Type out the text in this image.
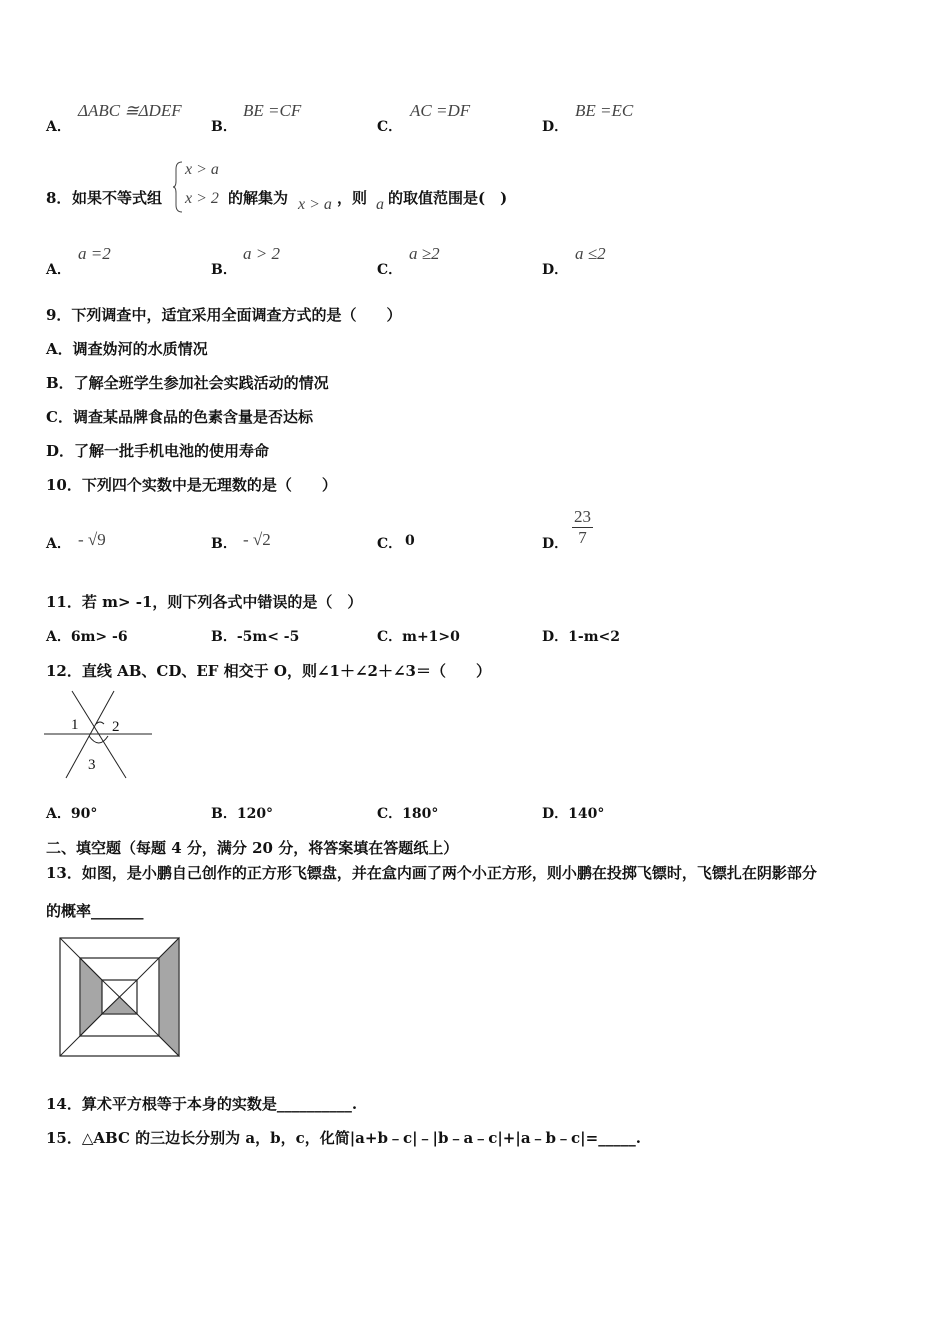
A．
ΔABC ≅ΔDEF
B．
BE =CF
C．
AC =DF
D．
BE =EC
8． 如果不等式组
x > a
x > 2 的解集为 x > a ，则 a 的取值范围是(　)
A．
a =2
B．
a > 2
C．
a ≥2
D．
a ≤2
9．下列调查中，适宜采用全面调查方式的是（　　）
A．调查妫河的水质情况
B．了解全班学生参加社会实践活动的情况
C．调查某品牌食品的色素含量是否达标
D．了解一批手机电池的使用寿命
10．下列四个实数中是无理数的是（　　）
A． - √9	B． - √2	C． 0	D． $\frac{23}{7}$
11．若 m> -1，则下列各式中错误的是（　）
A．6m> -6	B．-5m< -5	C．m+1>0	D．1-m<2
12．直线 AB、CD、EF 相交于 O，则∠1＋∠2＋∠3＝（　　）
1 2
3
A．90°	B．120°	C．180°	D．140°
二、填空题（每题 4 分，满分 20 分，将答案填在答题纸上）
13．如图，是小鹏自己创作的正方形飞镖盘，并在盒内画了两个小正方形，则小鹏在投掷飞镖时，飞镖扎在阴影部分
的概率_______
14．算术平方根等于本身的实数是__________.
15．△ABC 的三边长分别为 a，b，c，化简|a+b﹣c|﹣|b﹣a﹣c|+|a﹣b﹣c|=_____.
